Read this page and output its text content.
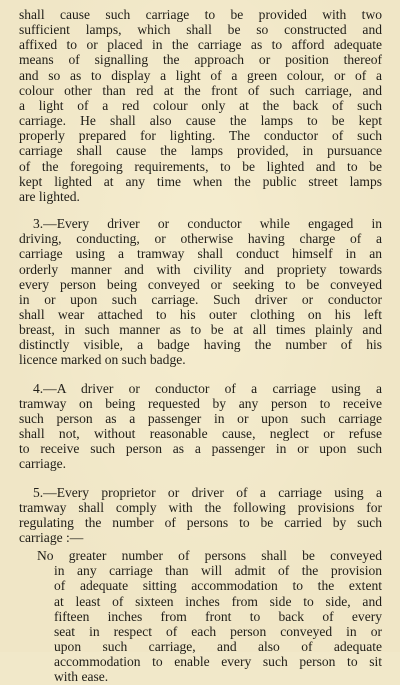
shall cause such carriage to be provided with two
sufficient lamps, which shall be so constructed and
affixed to or placed in the carriage as to afford adequate
means of signalling the approach or position thereof
and so as to display a light of a green colour, or of a
colour other than red at the front of such carriage, and
a light of a red colour only at the back of such
carriage. He shall also cause the lamps to be kept
properly prepared for lighting. The conductor of such
carriage shall cause the lamps provided, in pursuance
of the foregoing requirements, to be lighted and to be
kept lighted at any time when the public street lamps
are lighted.

3.—Every driver or conductor while engaged in
driving, conducting, or otherwise having charge of a
carriage using a tramway shall conduct himself in an
orderly manner and with civility and propriety towards
every person being conveyed or seeking to be conveyed
in or upon such carriage. Such driver or conductor
shall wear attached to his outer clothing on his left
breast, in such manner as to be at all times plainly and
distinctly visible, a badge having the number of his
licence marked on such badge.

4.—A driver or conductor of a carriage using a
tramway on being requested by any person to receive
such person as a passenger in or upon such carriage
shall not, without reasonable cause, neglect or refuse
to receive such person as a passenger in or upon such
carriage.

5.—Every proprietor or driver of a carriage using a
tramway shall comply with the following provisions for
regulating the number of persons to be carried by such
carriage :—

No greater number of persons shall be conveyed
in any carriage than will admit of the provision
of adequate sitting accommodation to the extent
at least of sixteen inches from side to side, and
fifteen inches from front to back of every
seat in respect of each person conveyed in or
upon such carriage, and also of adequate
accommodation to enable every such person to sit
with ease.
